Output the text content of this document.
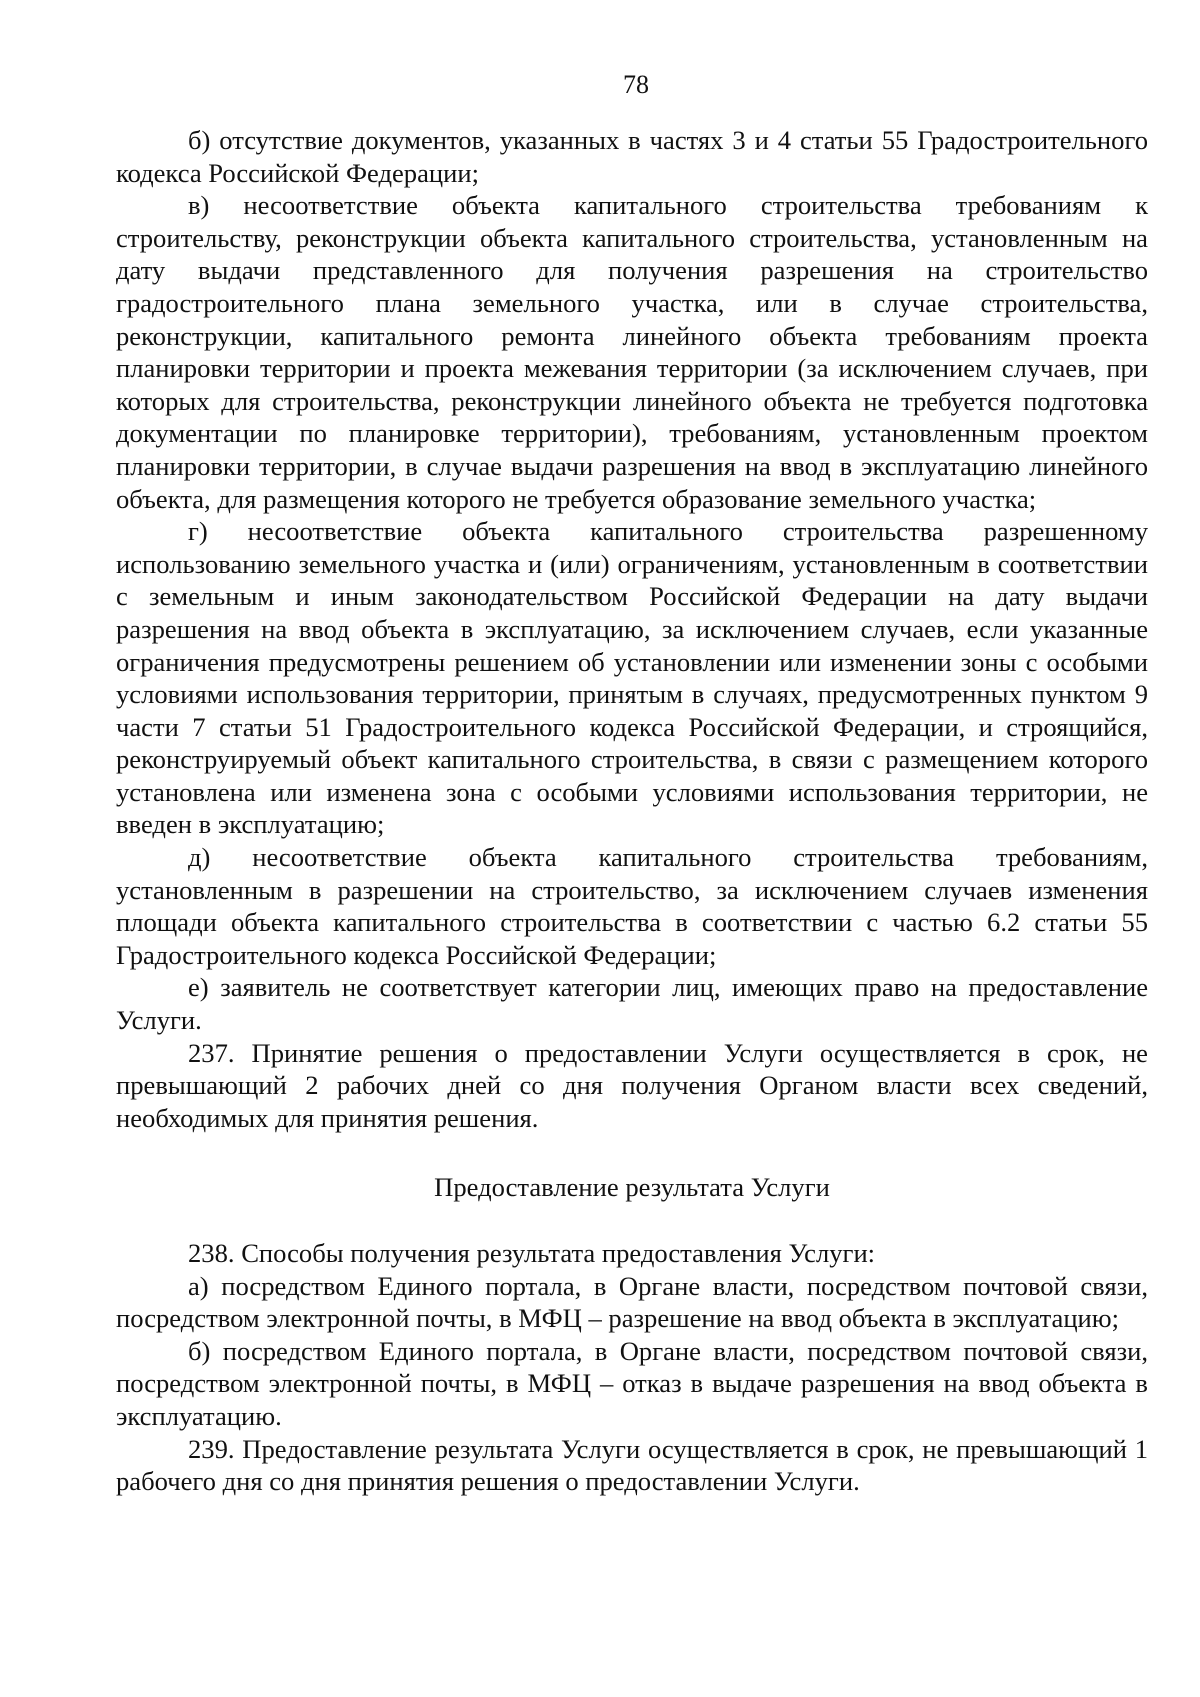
78

б) отсутствие документов, указанных в частях 3 и 4 статьи 55 Градостроительного кодекса Российской Федерации;

в) несоответствие объекта капитального строительства требованиям к строительству, реконструкции объекта капитального строительства, установленным на дату выдачи представленного для получения разрешения на строительство градостроительного плана земельного участка, или в случае строительства, реконструкции, капитального ремонта линейного объекта требованиям проекта планировки территории и проекта межевания территории (за исключением случаев, при которых для строительства, реконструкции линейного объекта не требуется подготовка документации по планировке территории), требованиям, установленным проектом планировки территории, в случае выдачи разрешения на ввод в эксплуатацию линейного объекта, для размещения которого не требуется образование земельного участка;

г) несоответствие объекта капитального строительства разрешенному использованию земельного участка и (или) ограничениям, установленным в соответствии с земельным и иным законодательством Российской Федерации на дату выдачи разрешения на ввод объекта в эксплуатацию, за исключением случаев, если указанные ограничения предусмотрены решением об установлении или изменении зоны с особыми условиями использования территории, принятым в случаях, предусмотренных пунктом 9 части 7 статьи 51 Градостроительного кодекса Российской Федерации, и строящийся, реконструируемый объект капитального строительства, в связи с размещением которого установлена или изменена зона с особыми условиями использования территории, не введен в эксплуатацию;

д) несоответствие объекта капитального строительства требованиям, установленным в разрешении на строительство, за исключением случаев изменения площади объекта капитального строительства в соответствии с частью 6.2 статьи 55 Градостроительного кодекса Российской Федерации;

е) заявитель не соответствует категории лиц, имеющих право на предоставление Услуги.

237. Принятие решения о предоставлении Услуги осуществляется в срок, не превышающий 2 рабочих дней со дня получения Органом власти всех сведений, необходимых для принятия решения.

Предоставление результата Услуги

238. Способы получения результата предоставления Услуги:

а) посредством Единого портала, в Органе власти, посредством почтовой связи, посредством электронной почты, в МФЦ – разрешение на ввод объекта в эксплуатацию;

б) посредством Единого портала, в Органе власти, посредством почтовой связи, посредством электронной почты, в МФЦ – отказ в выдаче разрешения на ввод объекта в эксплуатацию.

239. Предоставление результата Услуги осуществляется в срок, не превышающий 1 рабочего дня со дня принятия решения о предоставлении Услуги.
